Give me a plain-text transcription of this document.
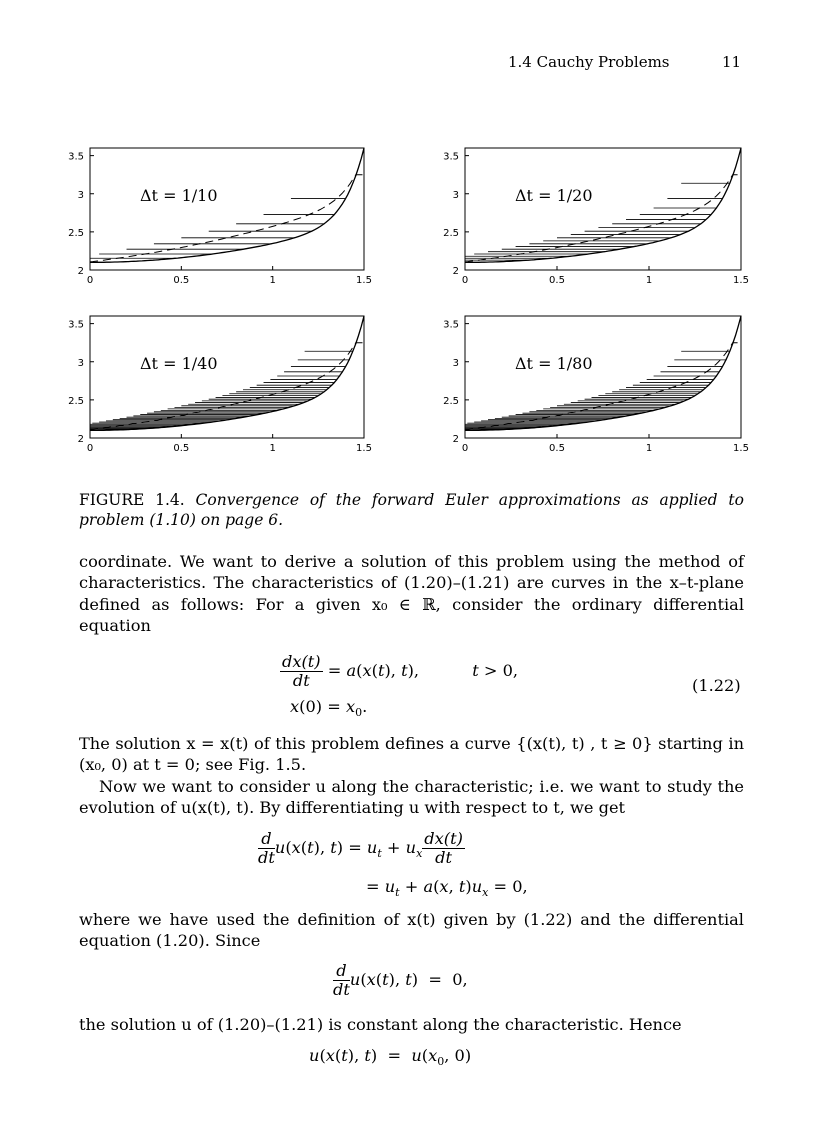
1.4 Cauchy Problems	11
0	0.5	1	1.5
2
2.5
3
3.5
Δt = 1/10
0	0.5	1	1.5
2
2.5
3
3.5
Δt = 1/20
0	0.5	1	1.5
2
2.5
3
3.5
Δt = 1/40
0	0.5	1	1.5
2
2.5
3
3.5
Δt = 1/80
FIGURE 1.4. Convergence of the forward Euler approximations as applied to problem (1.10) on page 6.
coordinate. We want to derive a solution of this problem using the method of characteristics. The characteristics of (1.20)–(1.21) are curves in the x–t-plane defined as follows: For a given x₀ ∈ ℝ, consider the ordinary differential equation
$\frac{dx(t)}{dt} = a(x(t)$, t),	t > 0,
$x(0) = x_0$.
(1.22)
The solution x = x(t) of this problem defines a curve {(x(t), t) , t ≥ 0} starting in (x₀, 0) at t = 0; see Fig. 1.5.
Now we want to consider u along the characteristic; i.e. we want to study the evolution of u(x(t), t). By differentiating u with respect to t, we get
$\frac{d}{dt} u(x(t)$, $t) = u_t + u_x \frac{dx(t)}{dt}$
= $u_t + a(x$, $t)u_x = 0$,
where we have used the definition of x(t) given by (1.22) and the differential equation (1.20). Since
$\frac{d}{dt} u(x(t)$, t)  =  0,
the solution u of (1.20)–(1.21) is constant along the characteristic. Hence
u(x(t), $t) = u(x_0$, 0)
